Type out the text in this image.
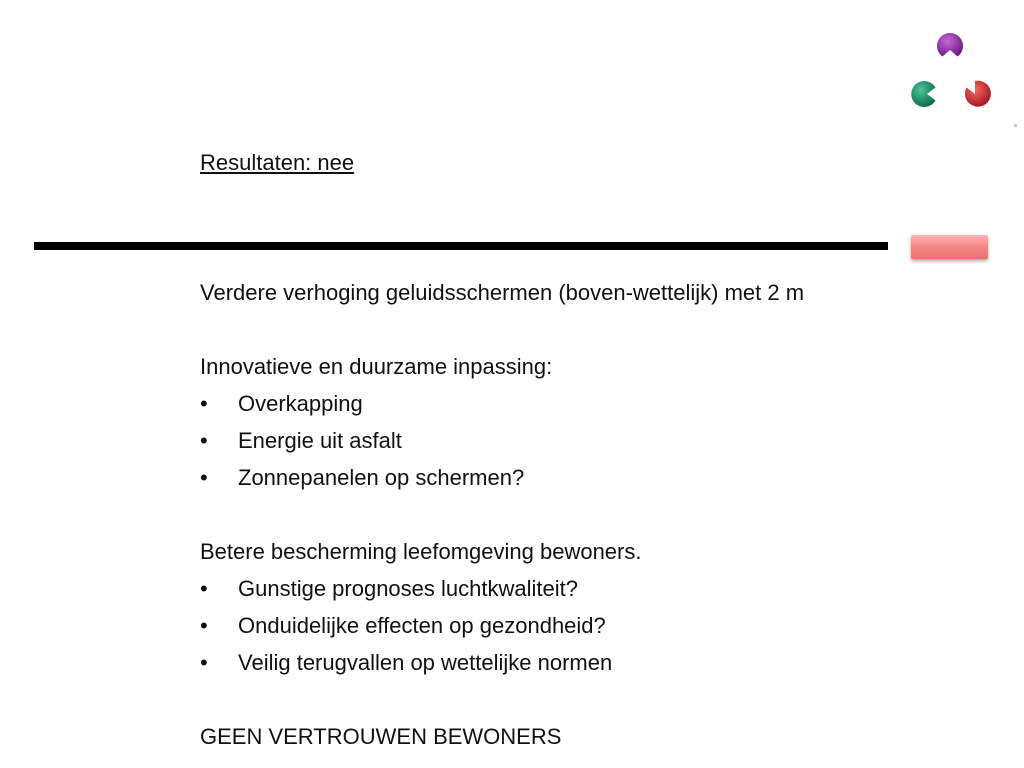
Resultaten: nee
Verdere verhoging geluidsschermen (boven-wettelijk) met 2 m
Innovatieve en duurzame inpassing:
•	Overkapping
•	Energie uit asfalt
•	Zonnepanelen op schermen?
Betere bescherming leefomgeving bewoners.
•	Gunstige prognoses luchtkwaliteit?
•	Onduidelijke effecten op gezondheid?
•	Veilig terugvallen op wettelijke normen
GEEN VERTROUWEN BEWONERS
